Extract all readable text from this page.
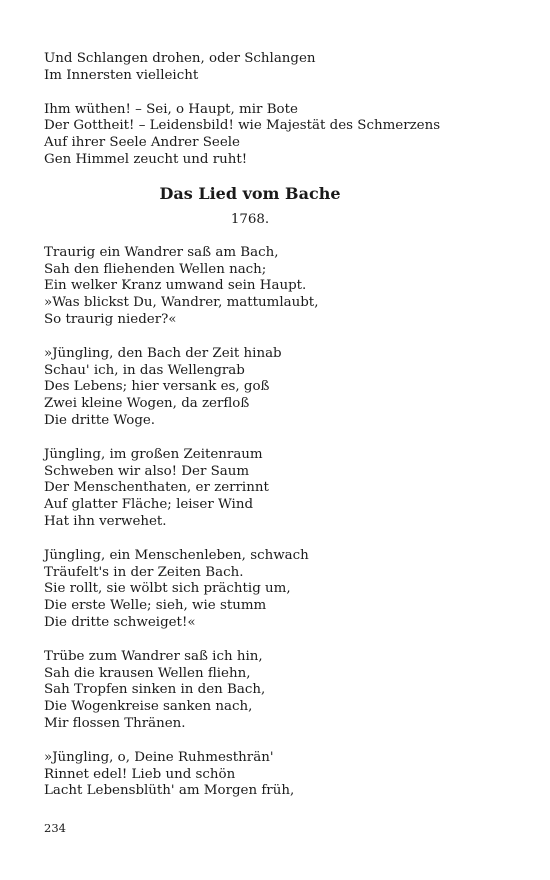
Und Schlangen drohen, oder Schlangen
Im Innersten vielleicht
Ihm wüthen! – Sei, o Haupt, mir Bote
Der Gottheit! – Leidensbild! wie Majestät des Schmerzens
Auf ihrer Seele Andrer Seele
Gen Himmel zeucht und ruht!
Das Lied vom Bache
1768.
Traurig ein Wandrer saß am Bach,
Sah den fliehenden Wellen nach;
Ein welker Kranz umwand sein Haupt.
»Was blickst Du, Wandrer, mattumlaubt,
So traurig nieder?«
»Jüngling, den Bach der Zeit hinab
Schau' ich, in das Wellengrab
Des Lebens; hier versank es, goß
Zwei kleine Wogen, da zerfloß
Die dritte Woge.
Jüngling, im großen Zeitenraum
Schweben wir also! Der Saum
Der Menschenthaten, er zerrinnt
Auf glatter Fläche; leiser Wind
Hat ihn verwehet.
Jüngling, ein Menschenleben, schwach
Träufelt's in der Zeiten Bach.
Sie rollt, sie wölbt sich prächtig um,
Die erste Welle; sieh, wie stumm
Die dritte schweiget!«
Trübe zum Wandrer saß ich hin,
Sah die krausen Wellen fliehn,
Sah Tropfen sinken in den Bach,
Die Wogenkreise sanken nach,
Mir flossen Thränen.
»Jüngling, o, Deine Ruhmesthrän'
Rinnet edel! Lieb und schön
Lacht Lebensblüth' am Morgen früh,
234
